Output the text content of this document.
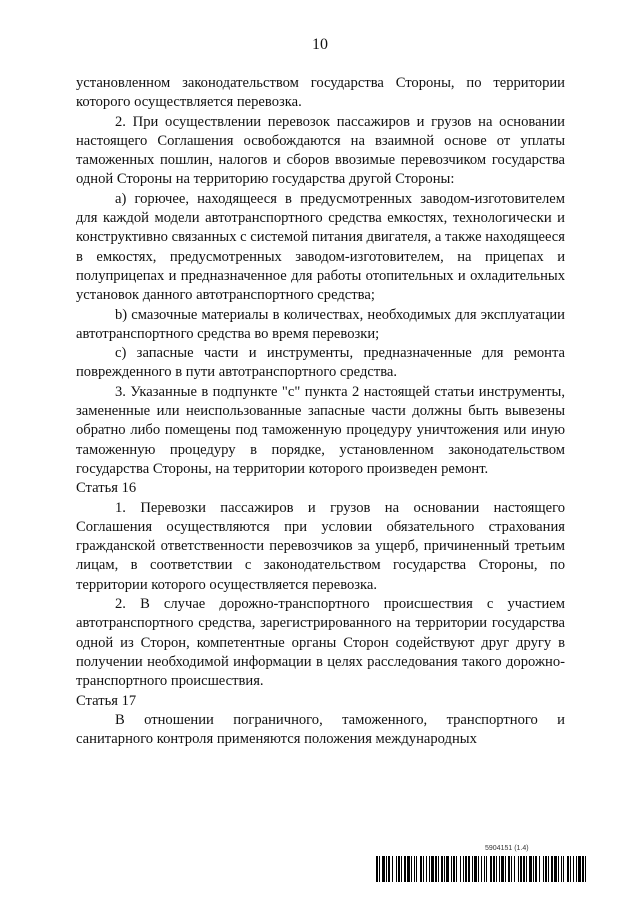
10

установленном законодательством государства Стороны, по территории которого осуществляется перевозка.

2. При осуществлении перевозок пассажиров и грузов на основании настоящего Соглашения освобождаются на взаимной основе от уплаты таможенных пошлин, налогов и сборов ввозимые перевозчиком государства одной Стороны на территорию государства другой Стороны:

a) горючее, находящееся в предусмотренных заводом-изготовителем для каждой модели автотранспортного средства емкостях, технологически и конструктивно связанных с системой питания двигателя, а также находящееся в емкостях, предусмотренных заводом-изготовителем, на прицепах и полуприцепах и предназначенное для работы отопительных и охладительных установок данного автотранспортного средства;

b) смазочные материалы в количествах, необходимых для эксплуатации автотранспортного средства во время перевозки;

c) запасные части и инструменты, предназначенные для ремонта поврежденного в пути автотранспортного средства.

3. Указанные в подпункте "c" пункта 2 настоящей статьи инструменты, замененные или неиспользованные запасные части должны быть вывезены обратно либо помещены под таможенную процедуру уничтожения или иную таможенную процедуру в порядке, установленном законодательством государства Стороны, на территории которого произведен ремонт.

Статья 16

1. Перевозки пассажиров и грузов на основании настоящего Соглашения осуществляются при условии обязательного страхования гражданской ответственности перевозчиков за ущерб, причиненный третьим лицам, в соответствии с законодательством государства Стороны, по территории которого осуществляется перевозка.

2. В случае дорожно-транспортного происшествия с участием автотранспортного средства, зарегистрированного на территории государства одной из Сторон, компетентные органы Сторон содействуют друг другу в получении необходимой информации в целях расследования такого дорожно-транспортного происшествия.

Статья 17

В отношении пограничного, таможенного, транспортного и санитарного контроля применяются положения международных

5904151 (1.4)
